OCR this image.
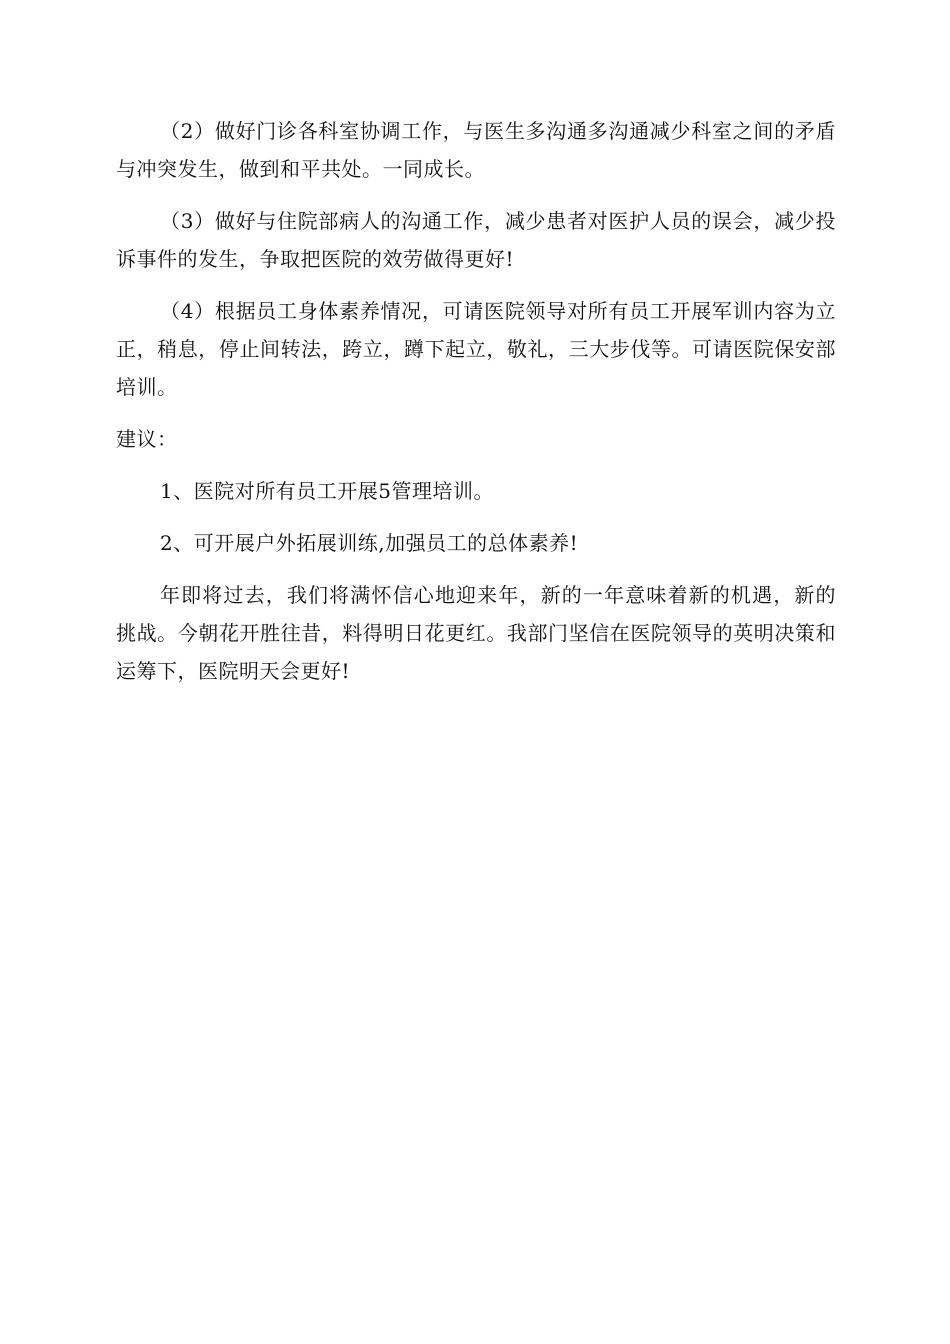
（2）做好门诊各科室协调工作，与医生多沟通多沟通减少科室之间的矛盾与冲突发生，做到和平共处。一同成长。

（3）做好与住院部病人的沟通工作，减少患者对医护人员的误会，减少投诉事件的发生，争取把医院的效劳做得更好!

（4）根据员工身体素养情况，可请医院领导对所有员工开展军训内容为立正，稍息，停止间转法，跨立，蹲下起立，敬礼，三大步伐等。可请医院保安部培训。

建议：

1、医院对所有员工开展5管理培训。

2、可开展户外拓展训练,加强员工的总体素养!

年即将过去，我们将满怀信心地迎来年，新的一年意味着新的机遇，新的挑战。今朝花开胜往昔，料得明日花更红。我部门坚信在医院领导的英明决策和运筹下，医院明天会更好!
